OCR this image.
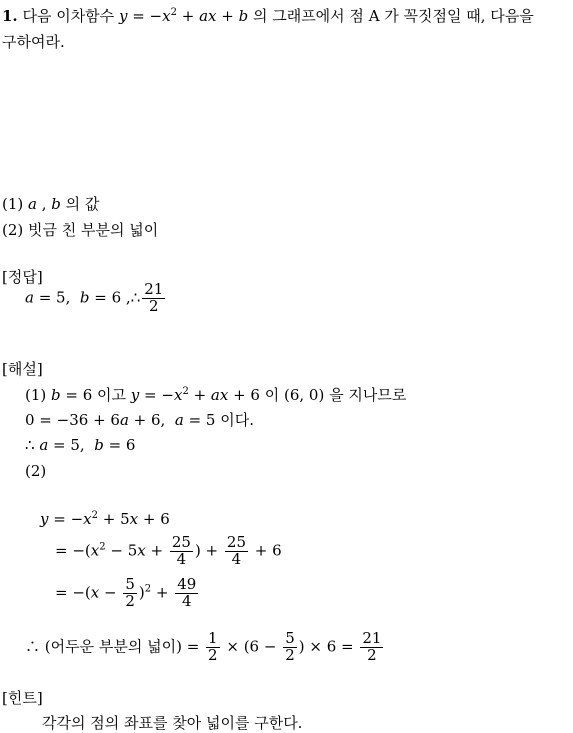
1. 다음 이차함수 $y = -x^2$ + ax + b 의 그래프에서 점 A 가 꼭짓점일 때, 다음을
구하여라.
(1) a , b 의 값
(2) 빗금 친 부분의 넓이
[정답]
a = 5,  b = 6 ,∴ $\frac{21}{2}$
[해설]
(1) b = 6 이고 $y = -x^2$ + ax + 6 이 (6, 0) 을 지나므로
0 = −36 + 6a + 6,  a = 5 이다.
∴ a = 5,  b = 6
(2)
$y = -x^2 + 5x + 6$
= $-(x^2 - 5x + \frac{25}{4}$ ) + $\frac{25}{4} + 6$
= $-(x - \frac{5}{2} )^2 + \frac{49}{4}$
∴ (어두운 부분의 넓이) = $\frac{1}{2} \times (6 - \frac{5}{2}$ ) × $6 = \frac{21}{2}$
[힌트]
각각의 점의 좌표를 찾아 넓이를 구한다.
